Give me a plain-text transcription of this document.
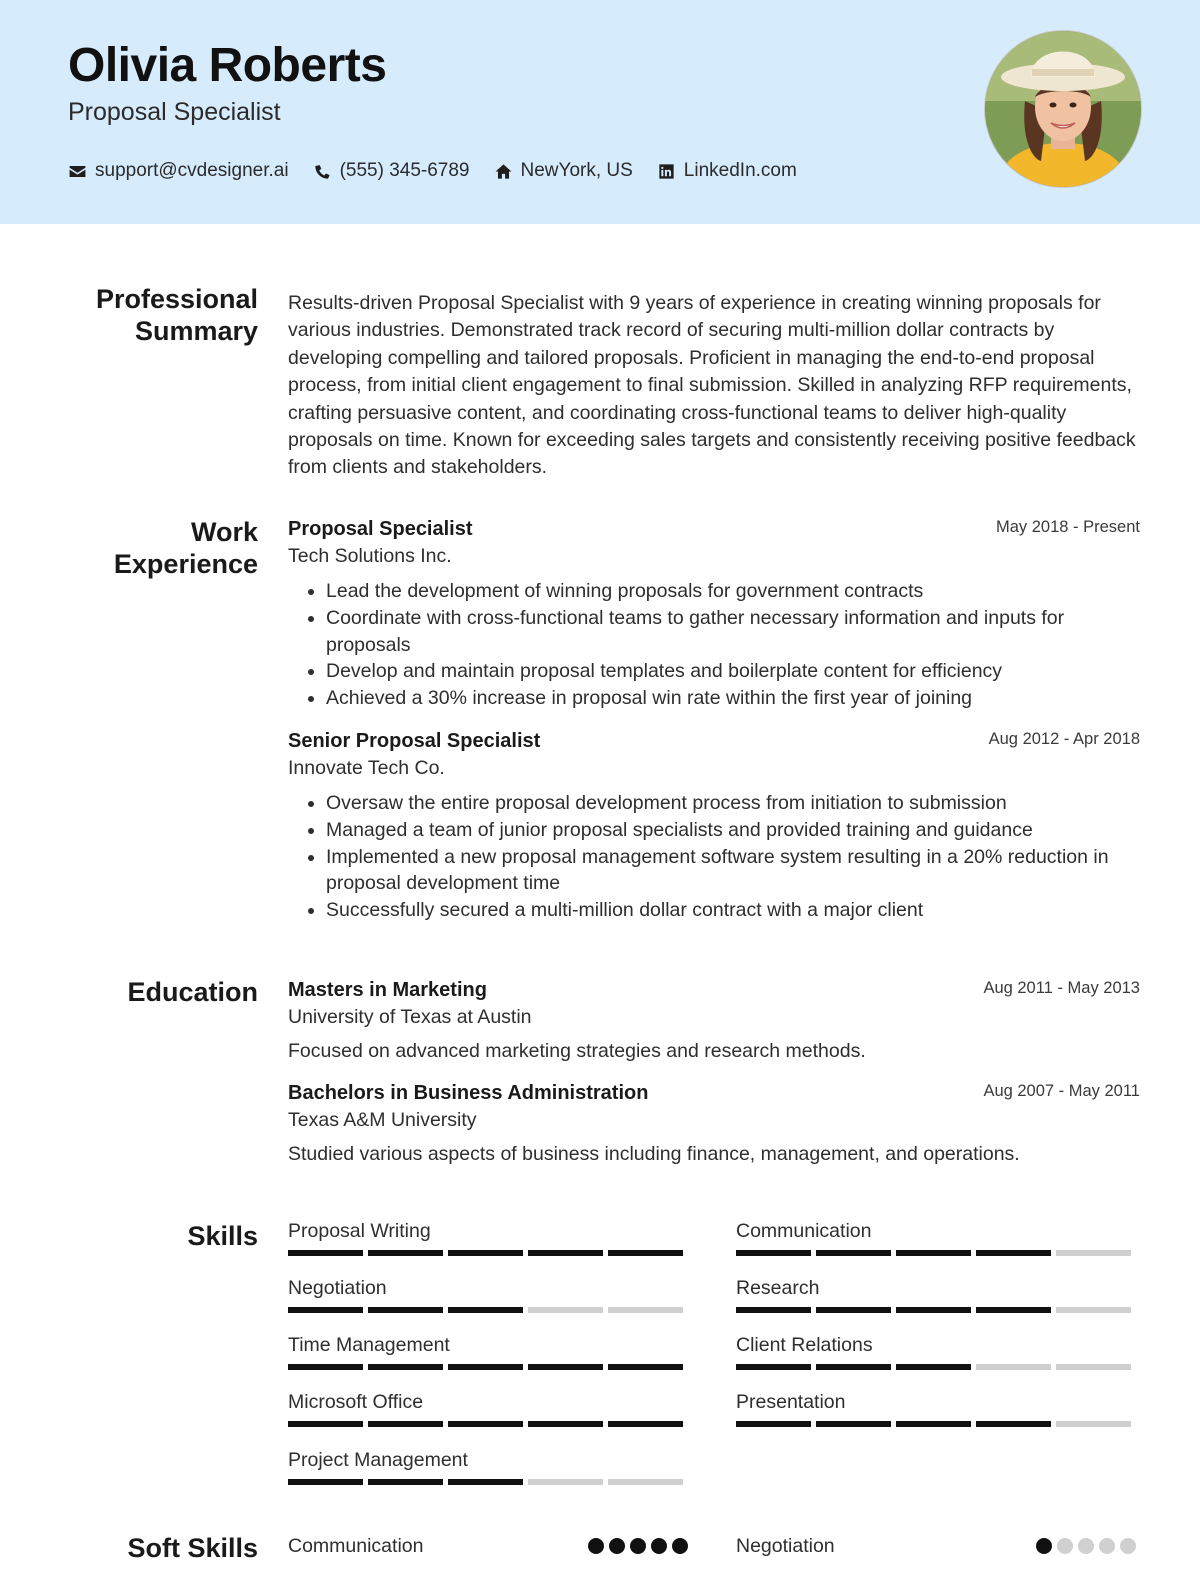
Olivia Roberts
Proposal Specialist
support@cvdesigner.ai	(555) 345-6789	NewYork, US	LinkedIn.com
Professional
Summary

Results-driven Proposal Specialist with 9 years of experience in creating winning proposals for various industries. Demonstrated track record of securing multi-million dollar contracts by developing compelling and tailored proposals. Proficient in managing the end-to-end proposal process, from initial client engagement to final submission. Skilled in analyzing RFP requirements, crafting persuasive content, and coordinating cross-functional teams to deliver high-quality proposals on time. Known for exceeding sales targets and consistently receiving positive feedback from clients and stakeholders.

Work
Experience
Proposal Specialist	May 2018 - Present
Tech Solutions Inc.
• Lead the development of winning proposals for government contracts
• Coordinate with cross-functional teams to gather necessary information and inputs for proposals
• Develop and maintain proposal templates and boilerplate content for efficiency
• Achieved a 30% increase in proposal win rate within the first year of joining
Senior Proposal Specialist	Aug 2012 - Apr 2018
Innovate Tech Co.
• Oversaw the entire proposal development process from initiation to submission
• Managed a team of junior proposal specialists and provided training and guidance
• Implemented a new proposal management software system resulting in a 20% reduction in proposal development time
• Successfully secured a multi-million dollar contract with a major client
Education Masters in Marketing	Aug 2011 - May 2013
University of Texas at Austin
Focused on advanced marketing strategies and research methods.
Bachelors in Business Administration	Aug 2007 - May 2011
Texas A&M University
Studied various aspects of business including finance, management, and operations.
Skills Proposal Writing	Communication
Negotiation	Research
Time Management	Client Relations
Microsoft Office	Presentation
Project Management
Soft Skills Communication	Negotiation
